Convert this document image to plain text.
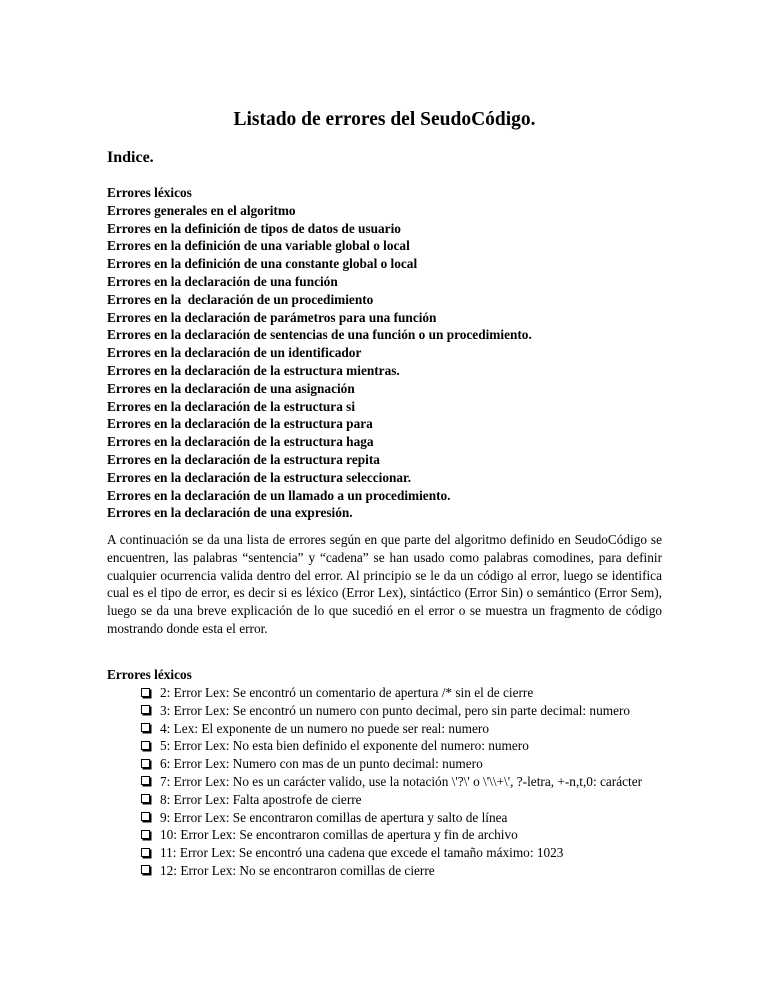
Listado de errores del SeudoCódigo.
Indice.
Errores léxicos
Errores generales en el algoritmo
Errores en la definición de tipos de datos de usuario
Errores en la definición de una variable global o local
Errores en la definición de una constante global o local
Errores en la declaración de una función
Errores en la  declaración de un procedimiento
Errores en la declaración de parámetros para una función
Errores en la declaración de sentencias de una función o un procedimiento.
Errores en la declaración de un identificador
Errores en la declaración de la estructura mientras.
Errores en la declaración de una asignación
Errores en la declaración de la estructura si
Errores en la declaración de la estructura para
Errores en la declaración de la estructura haga
Errores en la declaración de la estructura repita
Errores en la declaración de la estructura seleccionar.
Errores en la declaración de un llamado a un procedimiento.
Errores en la declaración de una expresión.

A continuación se da una lista de errores según en que parte del algoritmo definido en SeudoCódigo se encuentren, las palabras “sentencia” y “cadena” se han usado como palabras comodines, para definir cualquier ocurrencia valida dentro del error. Al principio se le da un código al error, luego se identifica cual es el tipo de error, es decir si es léxico (Error Lex), sintáctico (Error Sin) o semántico (Error Sem), luego se da una breve explicación de lo que sucedió en el error o se muestra un fragmento de código mostrando donde esta el error.

Errores léxicos
2: Error Lex: Se encontró un comentario de apertura /* sin el de cierre
3: Error Lex: Se encontró un numero con punto decimal, pero sin parte decimal: numero
4: Lex: El exponente de un numero no puede ser real: numero
5: Error Lex: No esta bien definido el exponente del numero: numero
6: Error Lex: Numero con mas de un punto decimal: numero
7: Error Lex: No es un carácter valido, use la notación \'?\' o \'\\+\', ?-letra, +-n,t,0: carácter
8: Error Lex: Falta apostrofe de cierre
9: Error Lex: Se encontraron comillas de apertura y salto de línea
10: Error Lex: Se encontraron comillas de apertura y fin de archivo
11: Error Lex: Se encontró una cadena que excede el tamaño máximo: 1023
12: Error Lex: No se encontraron comillas de cierre
